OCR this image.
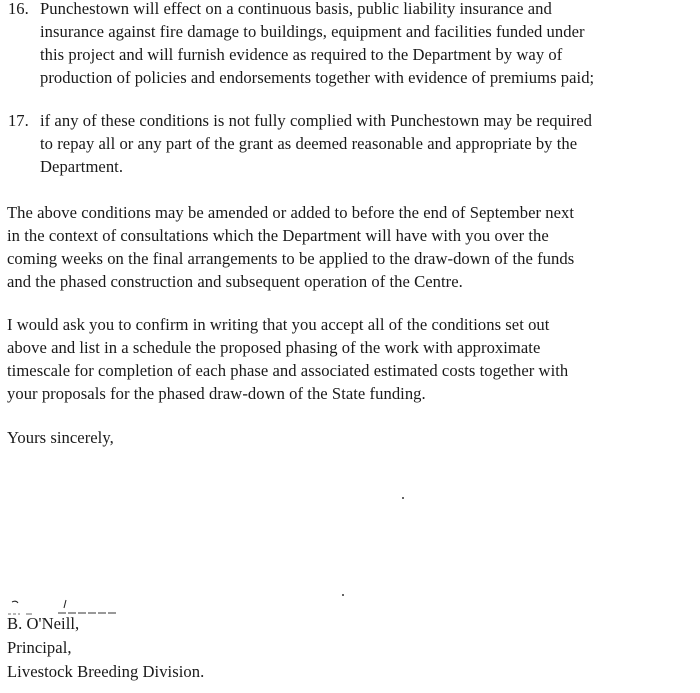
16. Punchestown will effect on a continuous basis, public liability insurance and
insurance against fire damage to buildings, equipment and facilities funded under
this project and will furnish evidence as required to the Department by way of
production of policies and endorsements together with evidence of premiums paid;
17. if any of these conditions is not fully complied with Punchestown may be required
to repay all or any part of the grant as deemed reasonable and appropriate by the
Department.
The above conditions may be amended or added to before the end of September next
in the context of consultations which the Department will have with you over the
coming weeks on the final arrangements to be applied to the draw-down of the funds
and the phased construction and subsequent operation of the Centre.
I would ask you to confirm in writing that you accept all of the conditions set out
above and list in a schedule the proposed phasing of the work with approximate
timescale for completion of each phase and associated estimated costs together with
your proposals for the phased draw-down of the State funding.
Yours sincerely,
B. O'Neill,
Principal,
Livestock Breeding Division.
